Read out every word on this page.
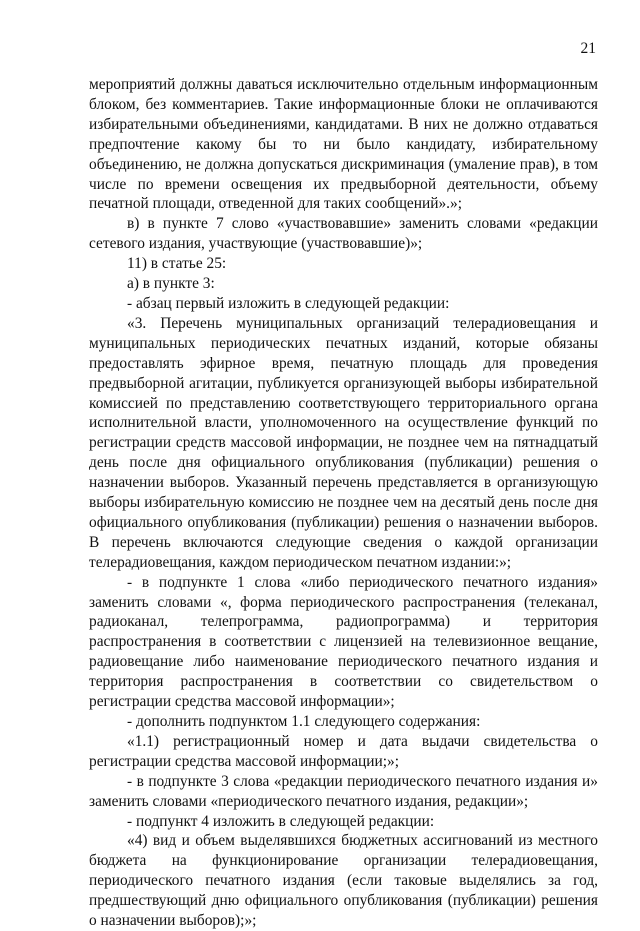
21

мероприятий должны даваться исключительно отдельным информационным блоком, без комментариев. Такие информационные блоки не оплачиваются избирательными объединениями, кандидатами. В них не должно отдаваться предпочтение какому бы то ни было кандидату, избирательному объединению, не должна допускаться дискриминация (умаление прав), в том числе по времени освещения их предвыборной деятельности, объему печатной площади, отведенной для таких сообщений».»;

в) в пункте 7 слово «участвовавшие» заменить словами «редакции сетевого издания, участвующие (участвовавшие)»;

11) в статье 25:

а) в пункте 3:

- абзац первый изложить в следующей редакции:

«3. Перечень муниципальных организаций телерадиовещания и муниципальных периодических печатных изданий, которые обязаны предоставлять эфирное время, печатную площадь для проведения предвыборной агитации, публикуется организующей выборы избирательной комиссией по представлению соответствующего территориального органа исполнительной власти, уполномоченного на осуществление функций по регистрации средств массовой информации, не позднее чем на пятнадцатый день после дня официального опубликования (публикации) решения о назначении выборов. Указанный перечень представляется в организующую выборы избирательную комиссию не позднее чем на десятый день после дня официального опубликования (публикации) решения о назначении выборов. В перечень включаются следующие сведения о каждой организации телерадиовещания, каждом периодическом печатном издании:»;

- в подпункте 1 слова «либо периодического печатного издания» заменить словами «, форма периодического распространения (телеканал, радиоканал, телепрограмма, радиопрограмма) и территория распространения в соответствии с лицензией на телевизионное вещание, радиовещание либо наименование периодического печатного издания и территория распространения в соответствии со свидетельством о регистрации средства массовой информации»;

- дополнить подпунктом 1.1 следующего содержания:

«1.1) регистрационный номер и дата выдачи свидетельства о регистрации средства массовой информации;»;

- в подпункте 3 слова «редакции периодического печатного издания и» заменить словами «периодического печатного издания, редакции»;

- подпункт 4 изложить в следующей редакции:

«4) вид и объем выделявшихся бюджетных ассигнований из местного бюджета на функционирование организации телерадиовещания, периодического печатного издания (если таковые выделялись за год, предшествующий дню официального опубликования (публикации) решения о назначении выборов);»;
